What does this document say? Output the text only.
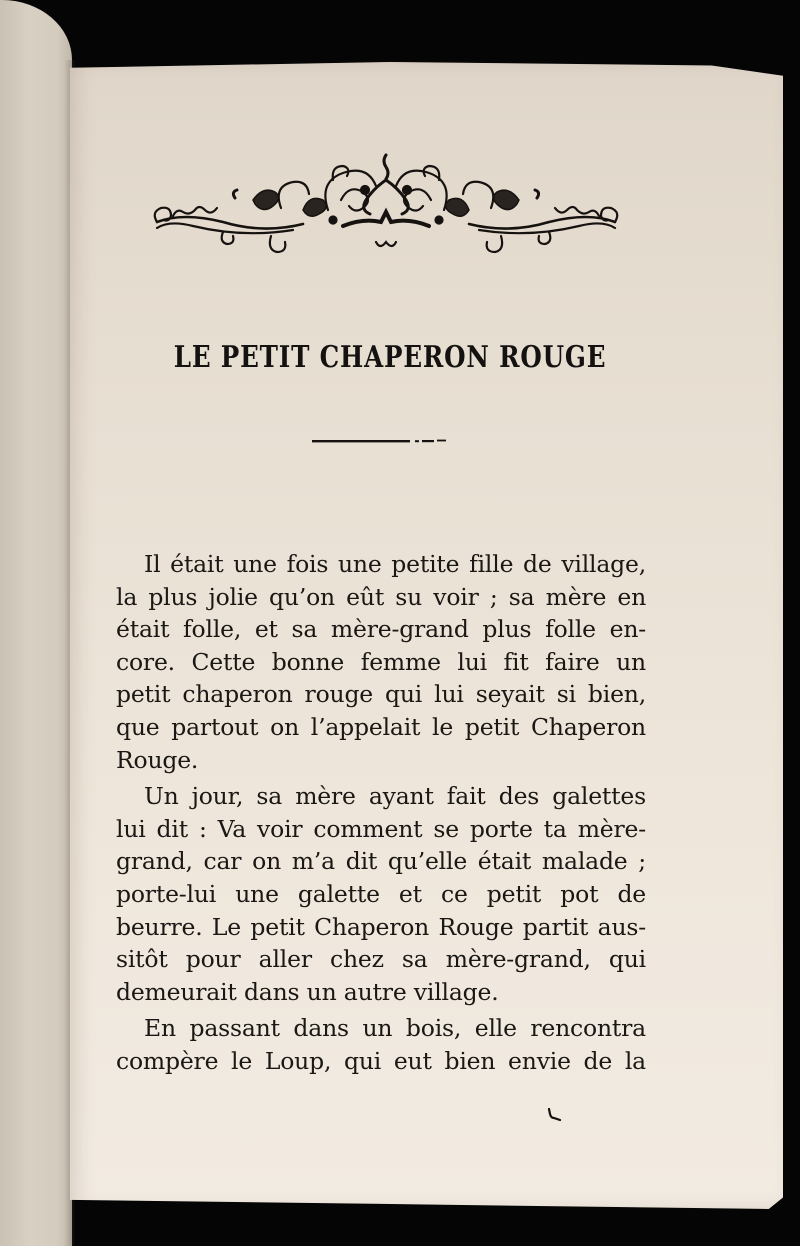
LE PETIT CHAPERON ROUGE

Il était une fois une petite fille de village,
la plus jolie qu’on eût su voir ; sa mère en
était folle, et sa mère-grand plus folle en-
core. Cette bonne femme lui fit faire un
petit chaperon rouge qui lui seyait si bien,
que partout on l’appelait le petit Chaperon
Rouge.

Un jour, sa mère ayant fait des galettes
lui dit : Va voir comment se porte ta mère-
grand, car on m’a dit qu’elle était malade ;
porte-lui une galette et ce petit pot de
beurre. Le petit Chaperon Rouge partit aus-
sitôt pour aller chez sa mère-grand, qui
demeurait dans un autre village.

En passant dans un bois, elle rencontra
compère le Loup, qui eut bien envie de la
